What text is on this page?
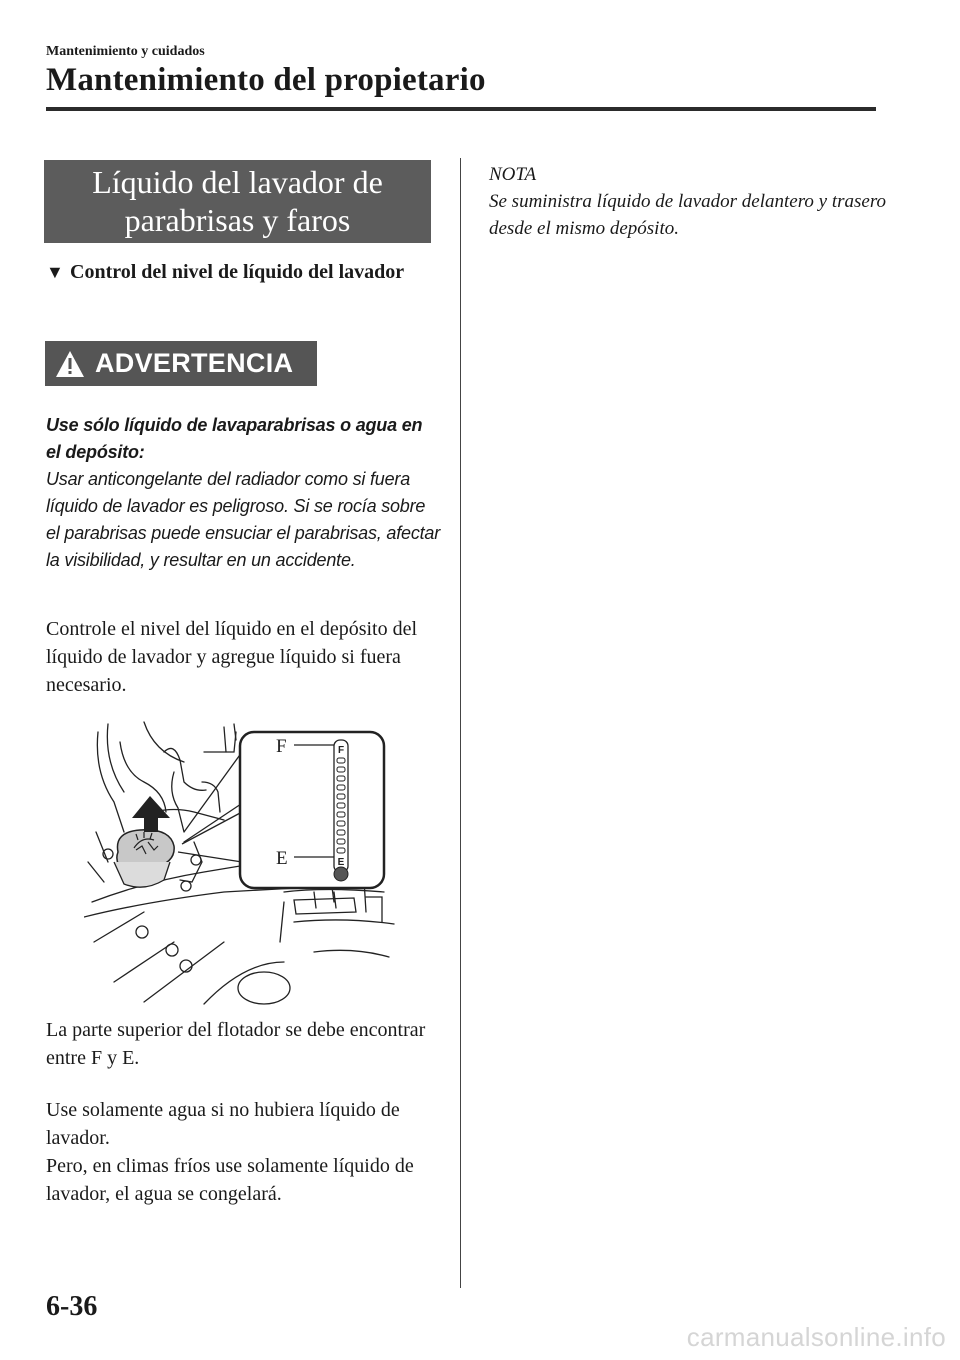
Mantenimiento y cuidados
Mantenimiento del propietario
Líquido del lavador de
parabrisas y faros
▼ Control del nivel de líquido del lavador
ADVERTENCIA

Use sólo líquido de lavaparabrisas o agua en el depósito:

Usar anticongelante del radiador como si fuera líquido de lavador es peligroso. Si se rocía sobre el parabrisas puede ensuciar el parabrisas, afectar la visibilidad, y resultar en un accidente.

Controle el nivel del líquido en el depósito del líquido de lavador y agregue líquido si fuera necesario.

F
E
F
E

La parte superior del flotador se debe encontrar entre F y E.

Use solamente agua si no hubiera líquido de lavador.

Pero, en climas fríos use solamente líquido de lavador, el agua se congelará.

NOTA

Se suministra líquido de lavador delantero y trasero desde el mismo depósito.

6-36
carmanualsonline.info
